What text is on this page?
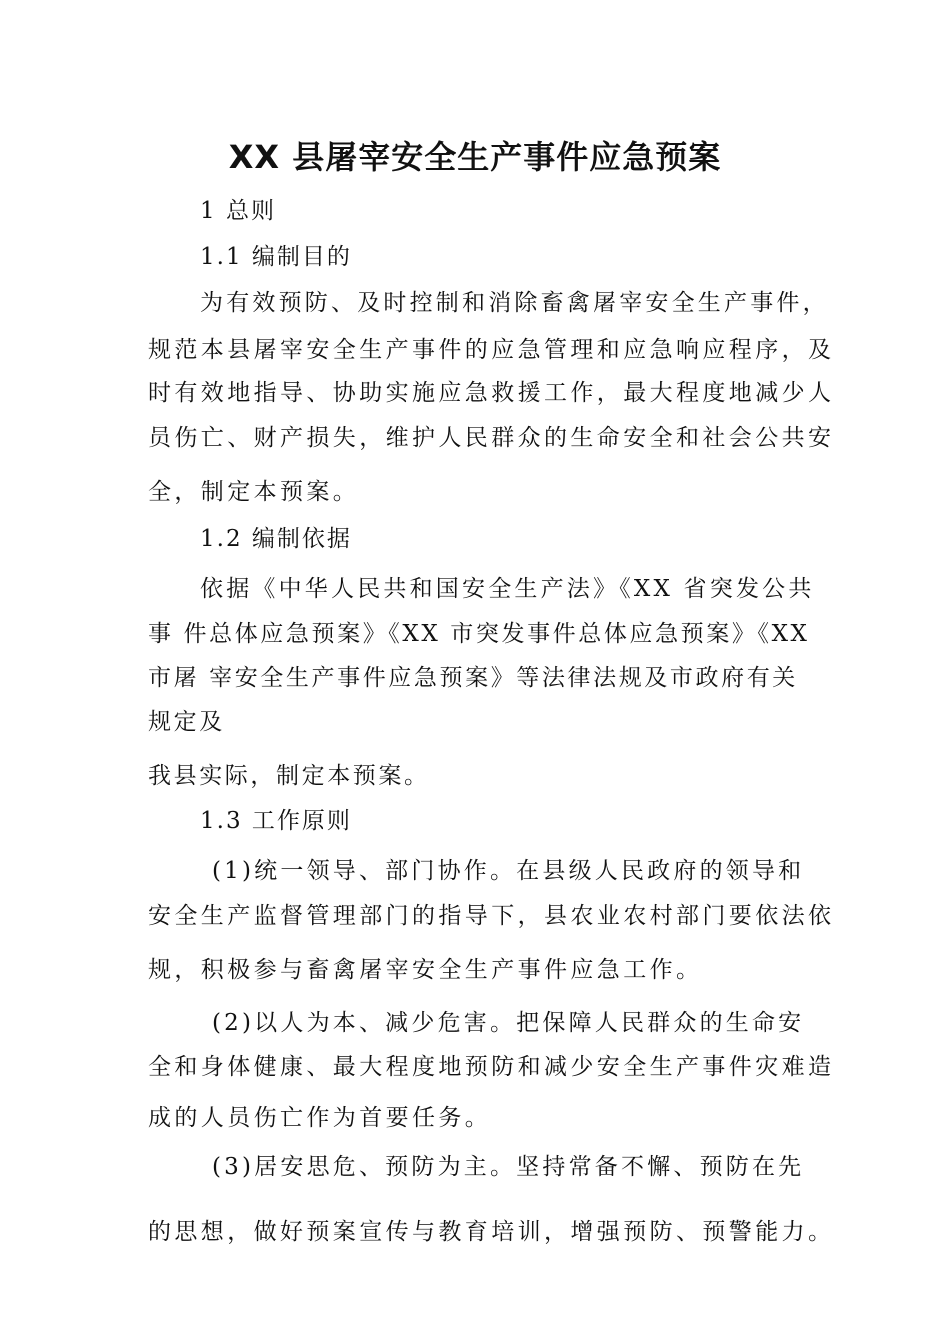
XX 县屠宰安全生产事件应急预案
1 总则
1.1 编制目的
为有效预防、及时控制和消除畜禽屠宰安全生产事件，
规范本县屠宰安全生产事件的应急管理和应急响应程序，及
时有效地指导、协助实施应急救援工作，最大程度地减少人
员伤亡、财产损失，维护人民群众的生命安全和社会公共安
全，制定本预案。
1.2 编制依据
依据《中华人民共和国安全生产法》《XX 省突发公共
事 件总体应急预案》《XX 市突发事件总体应急预案》《XX
市屠 宰安全生产事件应急预案》等法律法规及市政府有关
规定及
我县实际，制定本预案。
1.3 工作原则
(1)统一领导、部门协作。在县级人民政府的领导和
安全生产监督管理部门的指导下，县农业农村部门要依法依
规，积极参与畜禽屠宰安全生产事件应急工作。
(2)以人为本、减少危害。把保障人民群众的生命安
全和身体健康、最大程度地预防和减少安全生产事件灾难造
成的人员伤亡作为首要任务。
(3)居安思危、预防为主。坚持常备不懈、预防在先
的思想，做好预案宣传与教育培训，增强预防、预警能力。
